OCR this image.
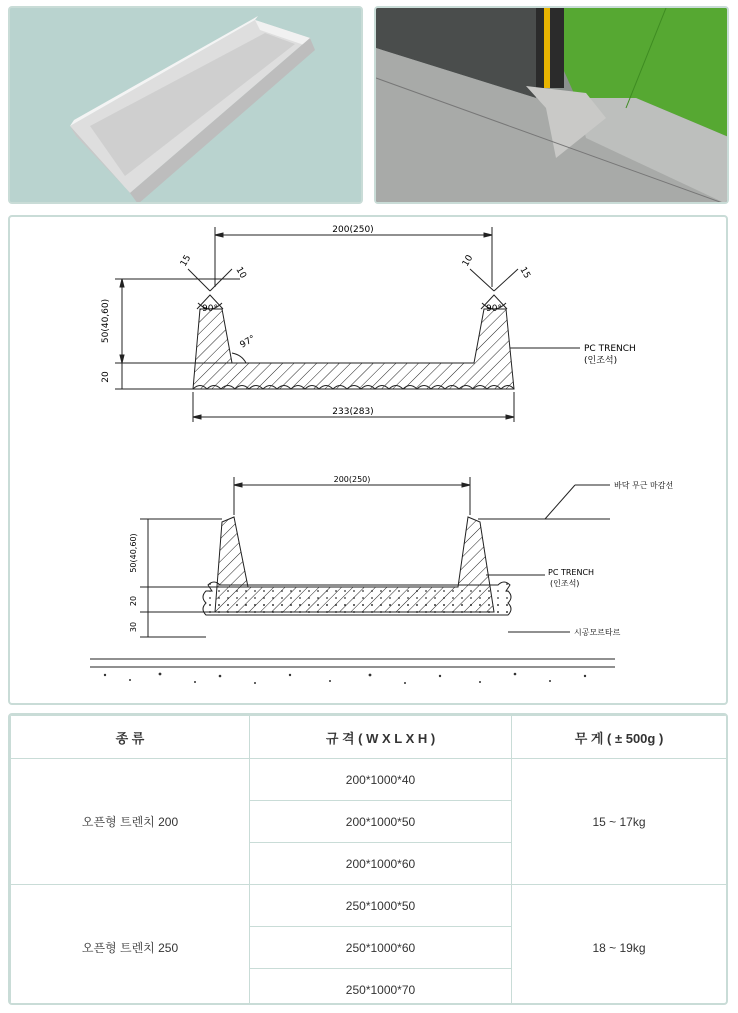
200(250)
233(283)
50(40,60)
20
15
10
10
15
90°	90°
97°	PC TRENCH
(인조석)
200(250)
50(40,60)
20
30
바닥 무근 마감선
PC TRENCH
(인조석)
시공모르타르
종 류	규 격 ( W X L X H )	무 게 ( ± 500g )
오픈형 트렌치 200	200*1000*40	15 ~ 17kg
	200*1000*50	
	200*1000*60	
오픈형 트렌치 250	250*1000*50	18 ~ 19kg
	250*1000*60	
	250*1000*70	
